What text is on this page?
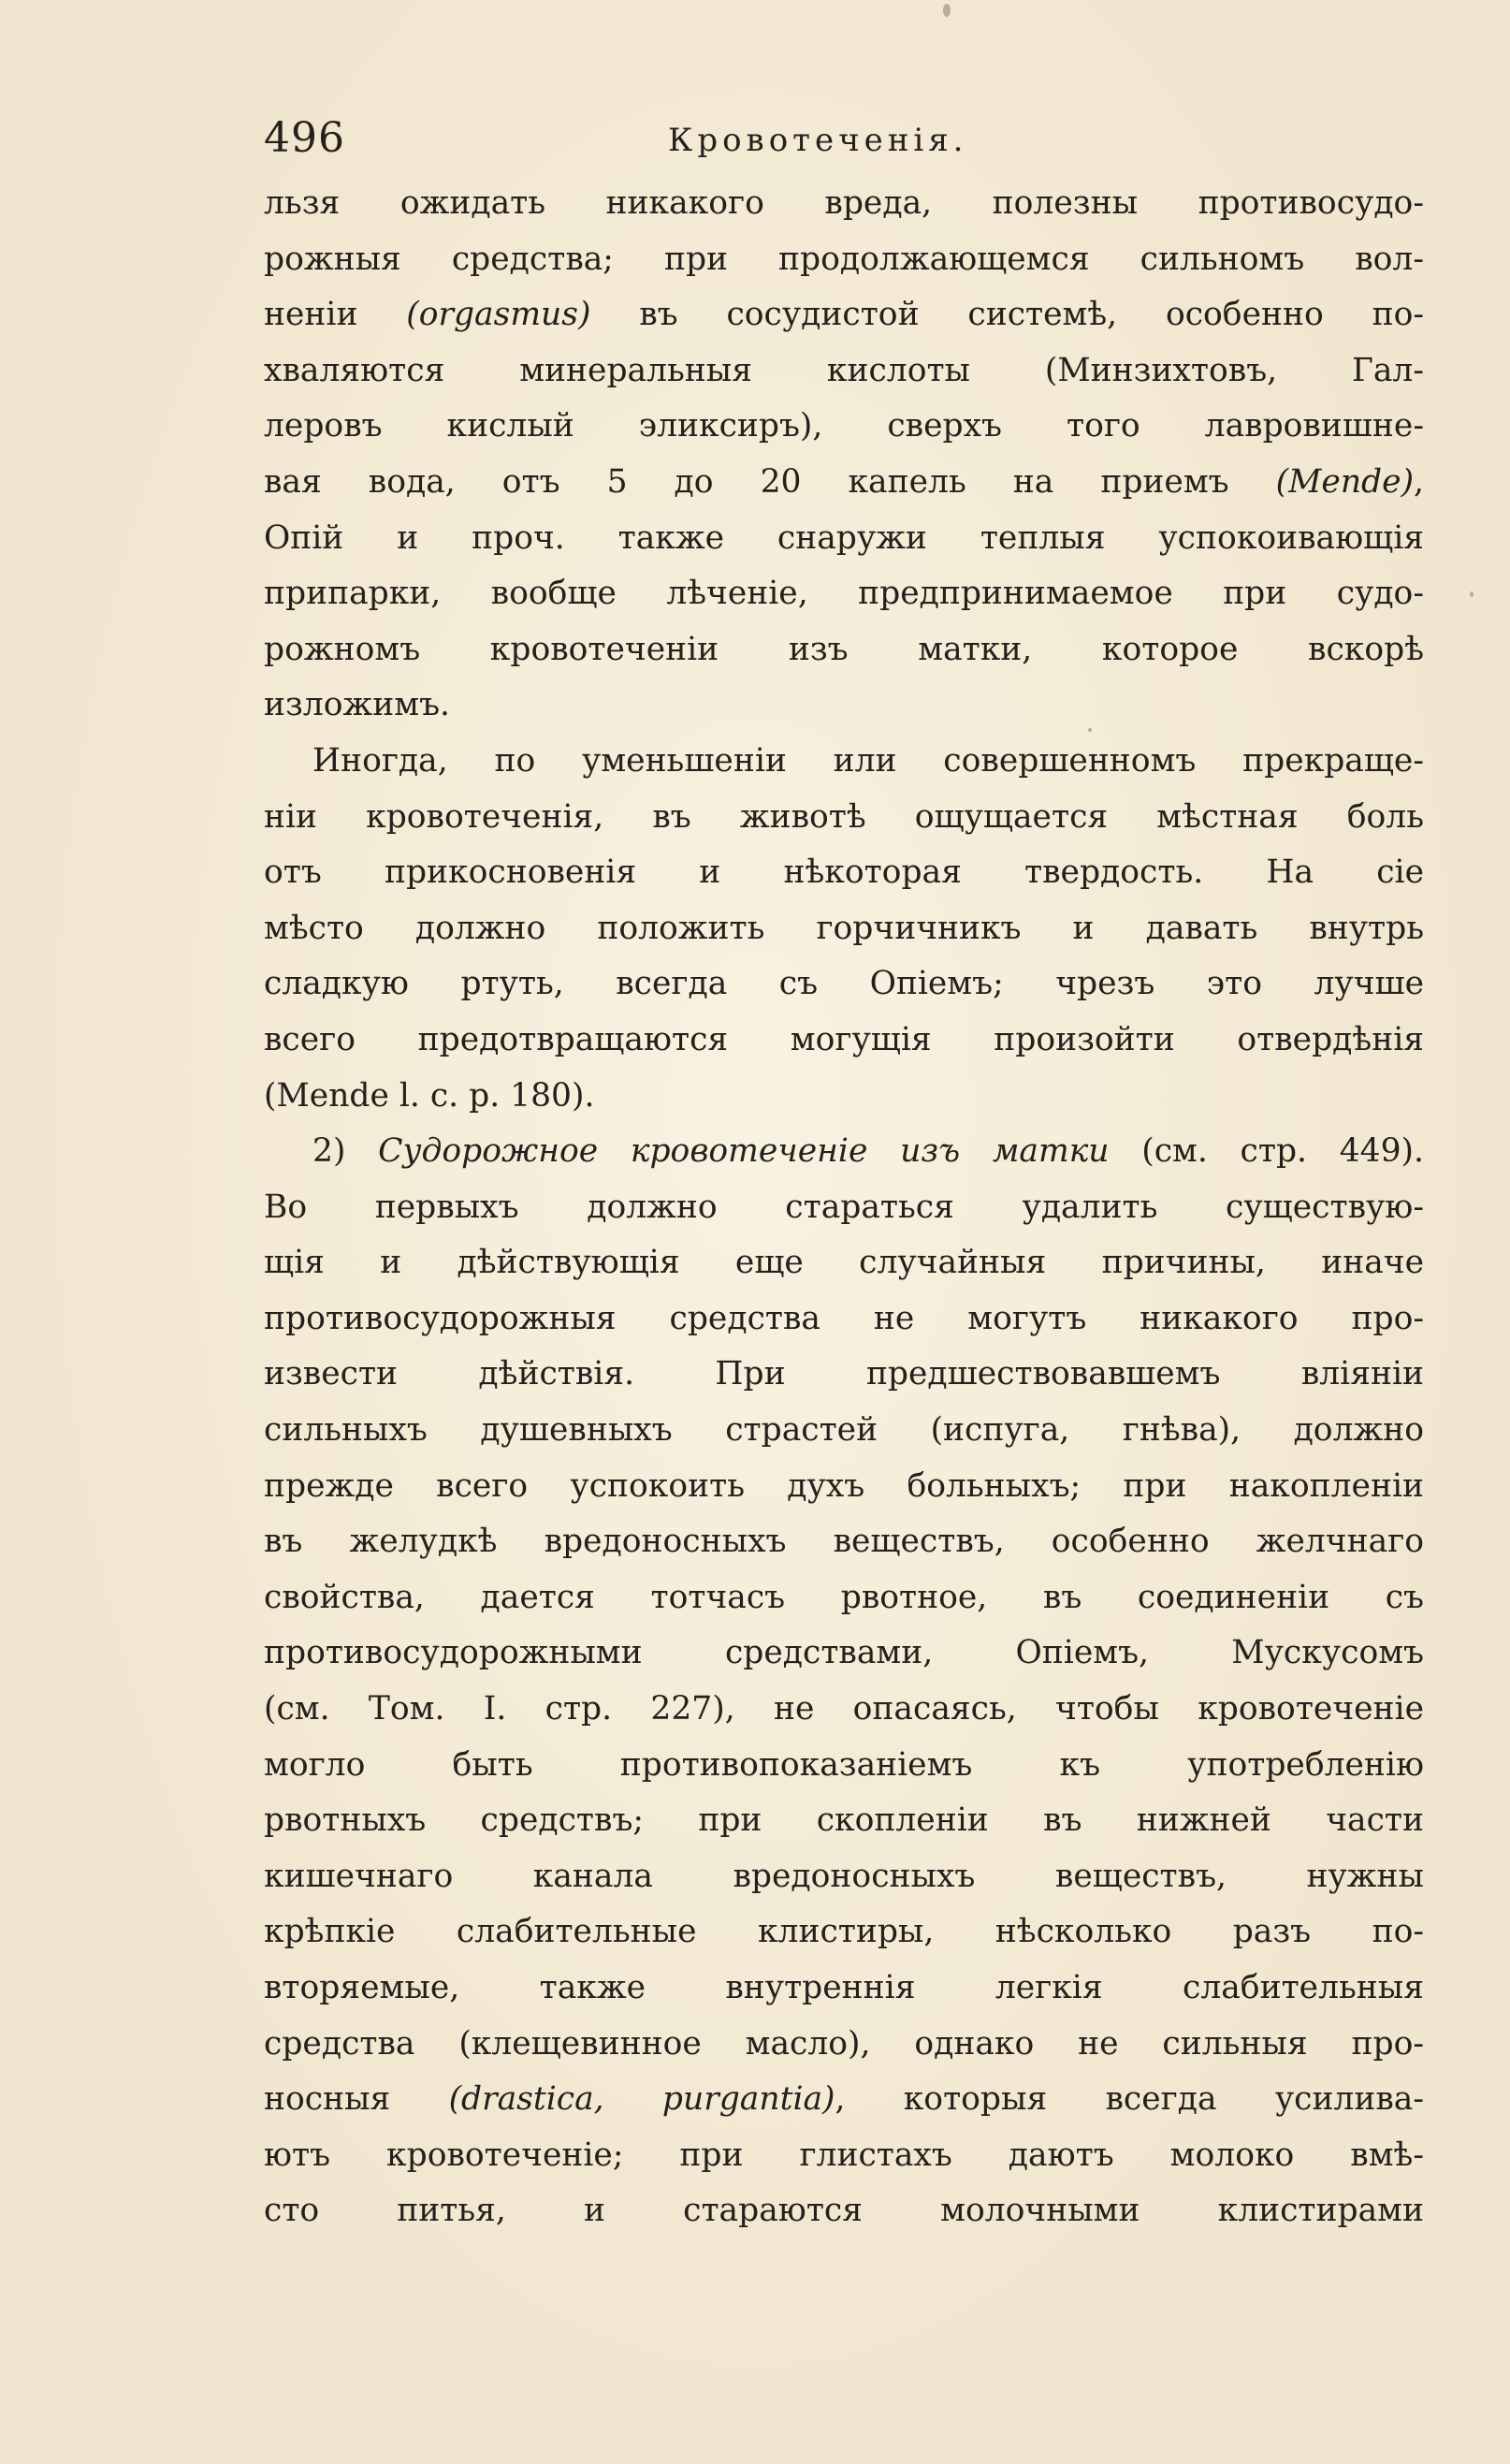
496	Кровотеченія.
льзя ожидать никакого вреда, полезны противосудо-
рожныя средства; при продолжающемся сильномъ вол-
неніи (orgasmus) въ сосудистой системѣ, особенно по-
хваляются минеральныя кислоты (Минзихтовъ, Гал-
леровъ кислый эликсиръ), сверхъ того лавровишне-
вая вода, отъ 5 до 20 капель на приемъ (Mende),
Опій и проч. также снаружи теплыя успокоивающія
припарки, вообще лѣченіе, предпринимаемое при судо-
рожномъ кровотеченіи изъ матки, которое вскорѣ
изложимъ.
Иногда, по уменьшеніи или совершенномъ прекраще-
ніи кровотеченія, въ животѣ ощущается мѣстная боль
отъ прикосновенія и нѣкоторая твердость. На сіе
мѣсто должно положить горчичникъ и давать внутрь
сладкую ртуть, всегда съ Опіемъ; чрезъ это лучше
всего предотвращаются могущія произойти отвердѣнія
(Mende l. c. p. 180).
2) Судорожное кровотеченіе изъ матки (см. стр. 449).
Во первыхъ должно стараться удалить существую-
щія и дѣйствующія еще случайныя причины, иначе
противосудорожныя средства не могутъ никакого про-
извести дѣйствія. При предшествовавшемъ вліяніи
сильныхъ душевныхъ страстей (испуга, гнѣва), должно
прежде всего успокоить духъ больныхъ; при накопленіи
въ желудкѣ вредоносныхъ веществъ, особенно желчнаго
свойства, дается тотчасъ рвотное, въ соединеніи съ
противосудорожными средствами, Опіемъ, Мускусомъ
(см. Том. I. стр. 227), не опасаясь, чтобы кровотеченіе
могло быть противопоказаніемъ къ употребленію
рвотныхъ средствъ; при скопленіи въ нижней части
кишечнаго канала вредоносныхъ веществъ, нужны
крѣпкіе слабительные клистиры, нѣсколько разъ по-
вторяемые, также внутреннія легкія слабительныя
средства (клещевинное масло), однако не сильныя про-
носныя (drastica, purgantia), которыя всегда усилива-
ютъ кровотеченіе; при глистахъ даютъ молоко вмѣ-
сто питья, и стараются молочными клистирами
